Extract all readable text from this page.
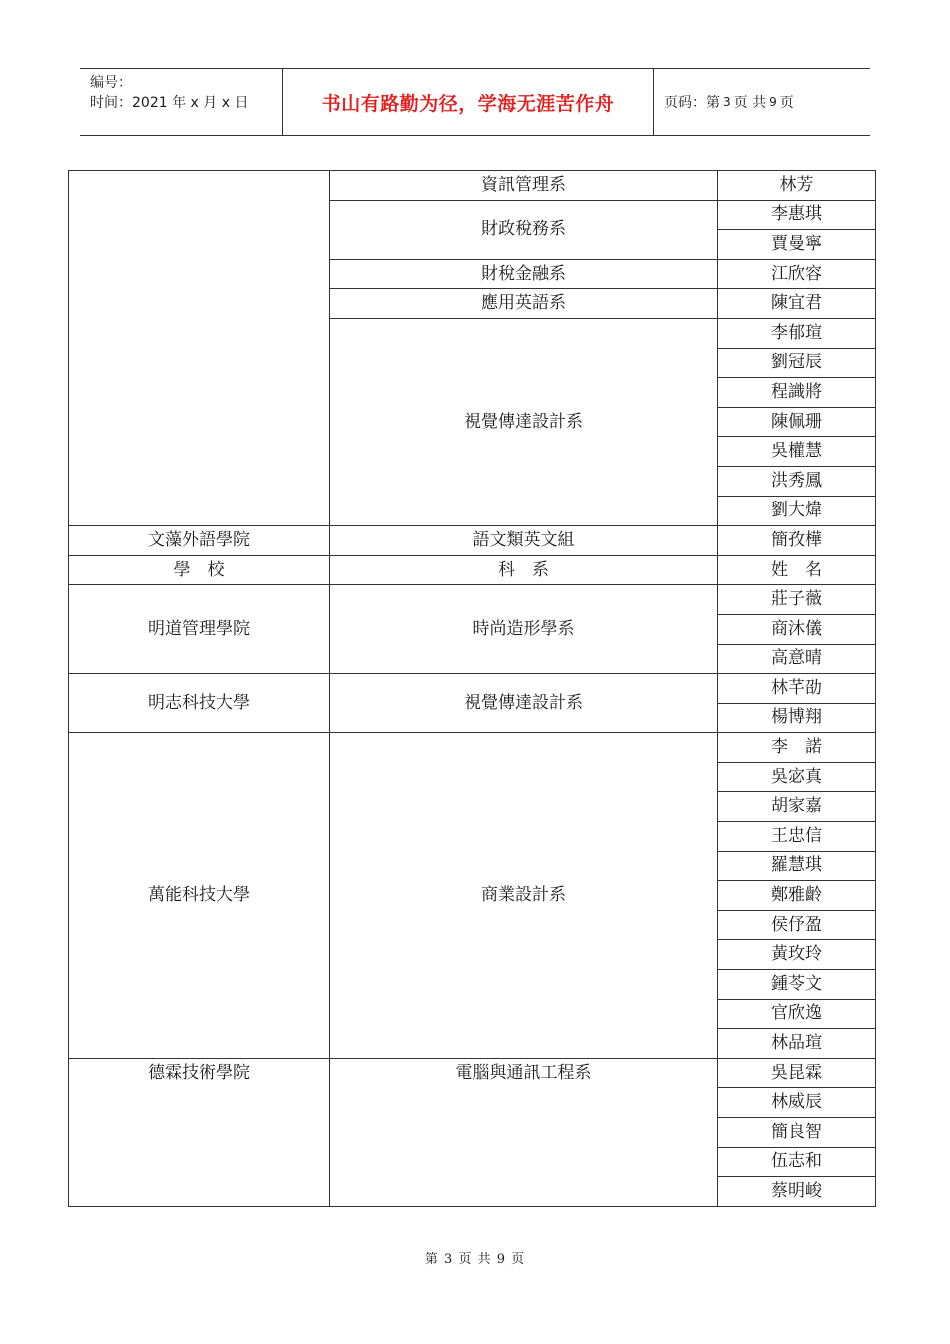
编号：
时间：2021 年 x 月 x 日	书山有路勤为径，学海无涯苦作舟	页码：第 3 页 共 9 页
	資訊管理系	林芳
	財政稅務系	李惠琪
		賈曼寧
	財稅金融系	江欣容
	應用英語系	陳宜君
	視覺傳達設計系	李郁瑄
		劉冠辰
		程識將
		陳佩珊
		吳權慧
		洪秀鳳
		劉大煒
文藻外語學院	語文類英文組	簡孜樺
學　校	科　系	姓　名
明道管理學院	時尚造形學系	莊子薇
		商沐儀
		高意晴
明志科技大學	視覺傳達設計系	林芊劭
		楊博翔
萬能科技大學	商業設計系	李　諾
		吳宓真
		胡家嘉
		王忠信
		羅慧琪
		鄭雅齡
		侯伃盈
		黃玫玲
		鍾苓文
		官欣逸
		林品瑄
德霖技術學院	電腦與通訊工程系	吳昆霖
		林威辰
		簡良智
		伍志和
		蔡明峻
第 3 页 共 9 页
